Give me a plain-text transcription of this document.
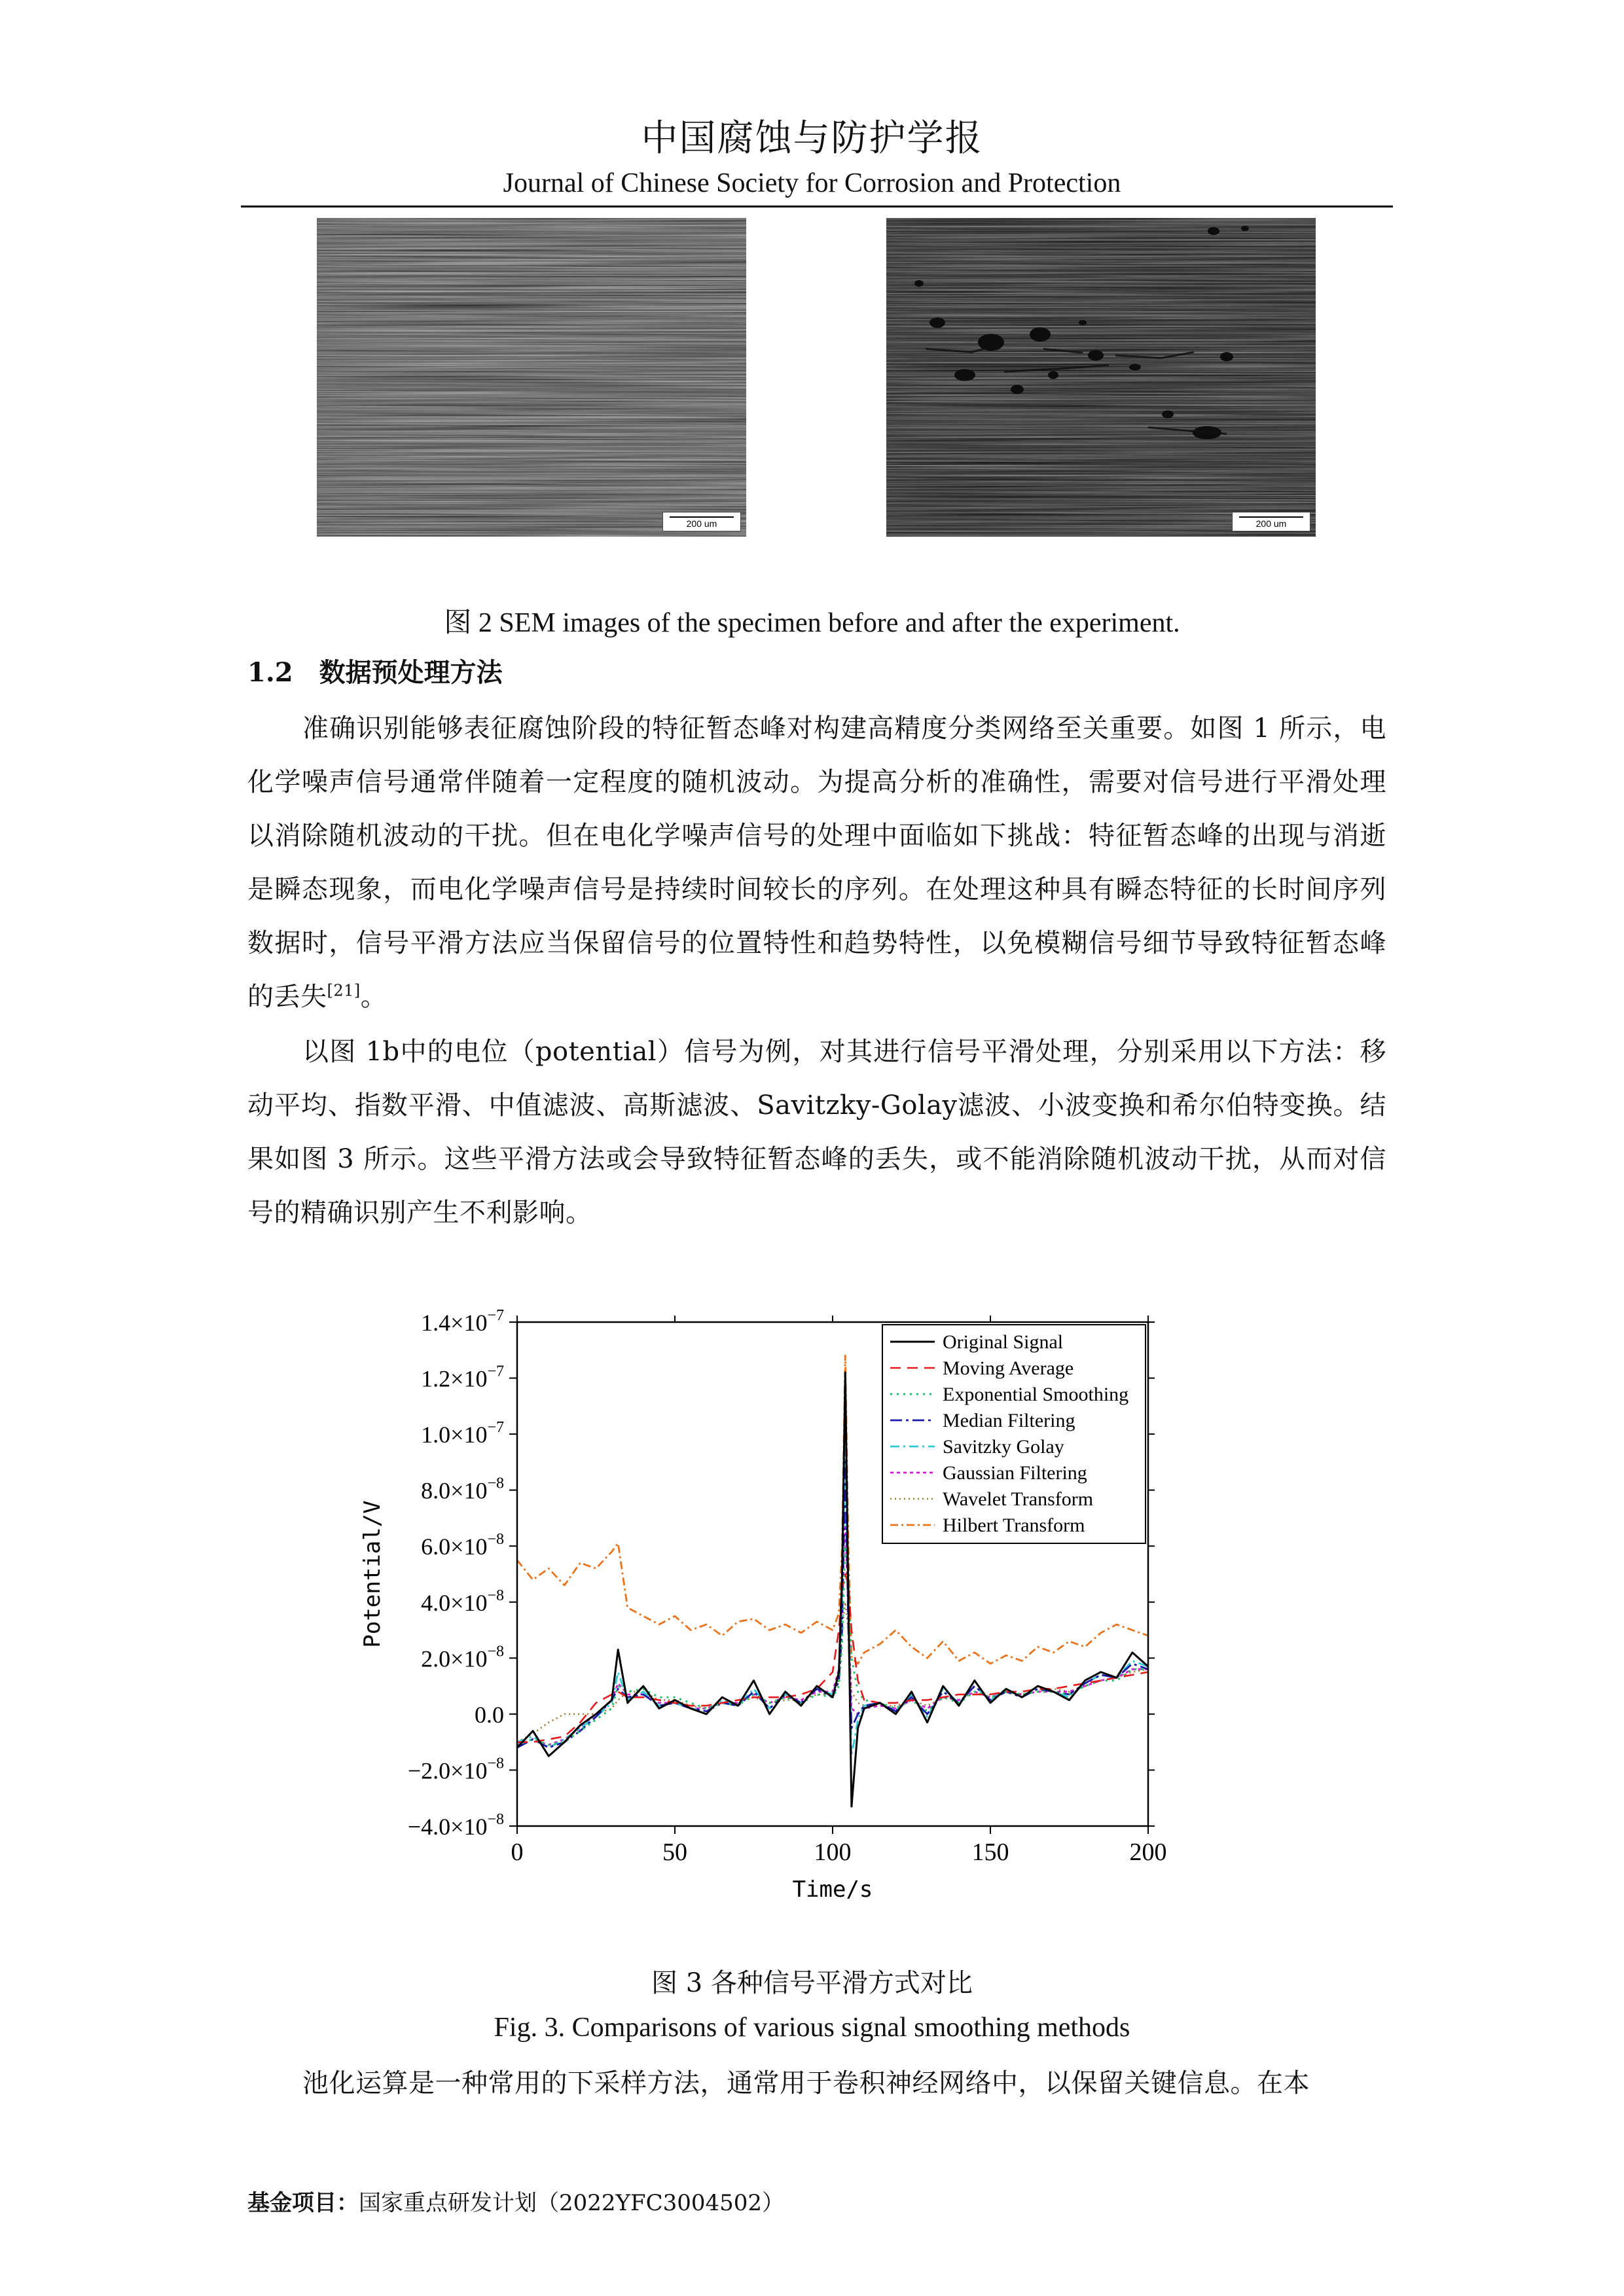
中国腐蚀与防护学报
Journal of Chinese Society for Corrosion and Protection
200 um	200 um
图 2 SEM images of the specimen before and after the experiment.
1.2 数据预处理方法
准确识别能够表征腐蚀阶段的特征暂态峰对构建高精度分类网络至关重要。如图 1 所示，电化学噪声信号通常伴随着一定程度的随机波动。为提高分析的准确性，需要对信号进行平滑处理以消除随机波动的干扰。但在电化学噪声信号的处理中面临如下挑战：特征暂态峰的出现与消逝是瞬态现象，而电化学噪声信号是持续时间较长的序列。在处理这种具有瞬态特征的长时间序列数据时，信号平滑方法应当保留信号的位置特性和趋势特性，以免模糊信号细节导致特征暂态峰的丢失[21]。
以图 1b中的电位（potential）信号为例，对其进行信号平滑处理，分别采用以下方法：移动平均、指数平滑、中值滤波、高斯滤波、Savitzky-Golay滤波、小波变换和希尔伯特变换。结果如图 3 所示。这些平滑方法或会导致特征暂态峰的丢失，或不能消除随机波动干扰，从而对信号的精确识别产生不利影响。
0	50	100	150	200
$-4.0\times 10^{-8}$
$-2.0\times 10^{-8}$
0.0
$2.0\times 10^{-8}$
$4.0\times 10^{-8}$
$6.0\times 10^{-8}$
$8.0\times 10^{-8}$
$1.0\times 10^{-7}$
$1.2\times 10^{-7}$
$1.4\times 10^{-7}$
Original Signal
Moving Average
Exponential Smoothing
Median Filtering
Savitzky Golay
Gaussian Filtering
Wavelet Transform
Hilbert Transform
Time/s
Potential/V
图 3 各种信号平滑方式对比
Fig. 3. Comparisons of various signal smoothing methods
池化运算是一种常用的下采样方法，通常用于卷积神经网络中，以保留关键信息。在本
基金项目：国家重点研发计划（2022YFC3004502）
